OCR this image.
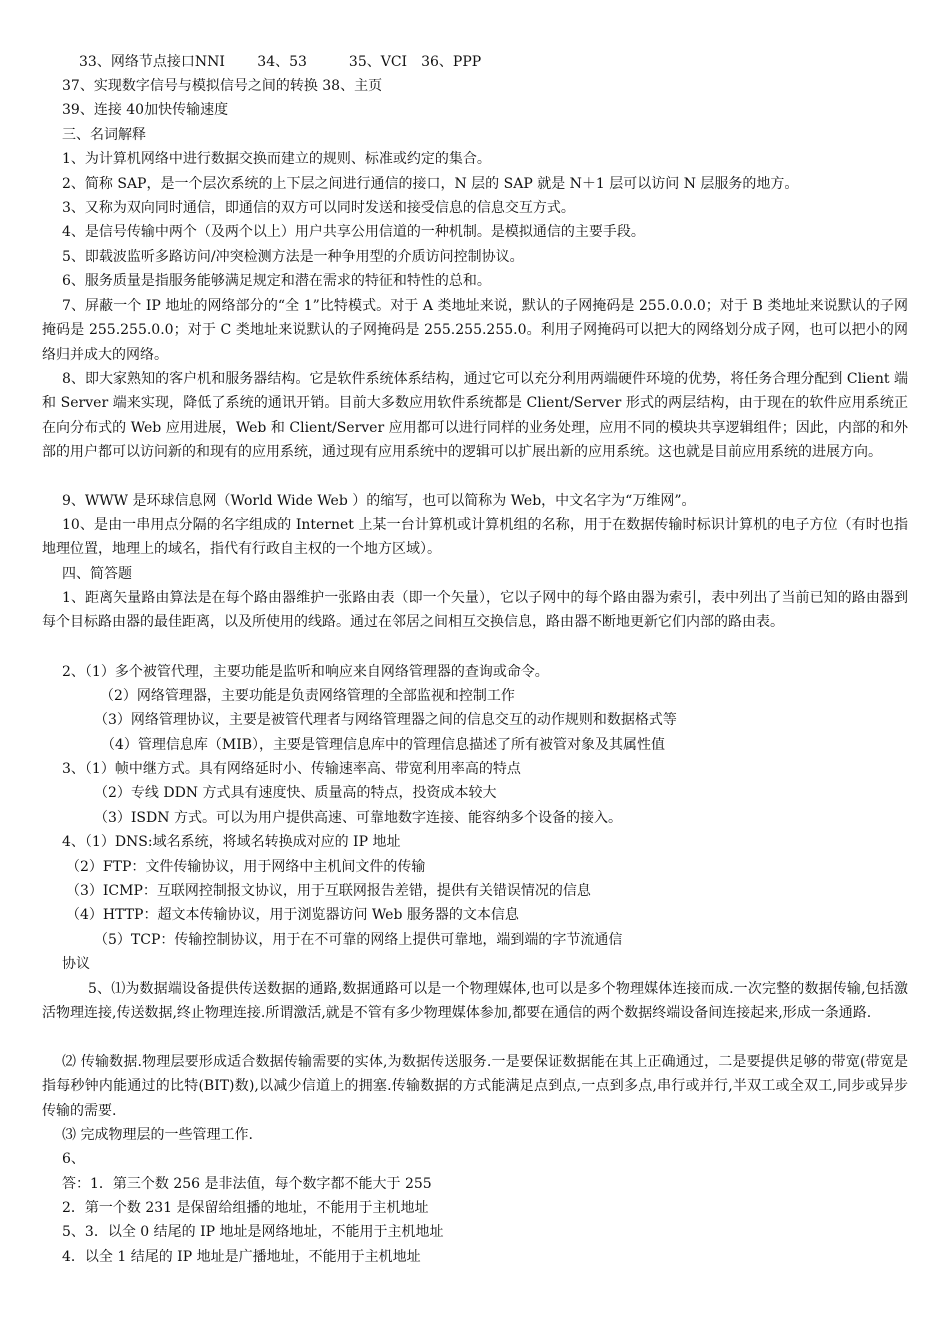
33、网络节点接口NNI　　 34、53　　　35、VCI　36、PPP
37、实现数字信号与模拟信号之间的转换 38、主页
39、连接 40加快传输速度
三、名词解释
1、为计算机网络中进行数据交换而建立的规则、标准或约定的集合。
2、简称 SAP，是一个层次系统的上下层之间进行通信的接口，N 层的 SAP 就是 N＋1 层可以访问 N 层服务的地方。
3、又称为双向同时通信，即通信的双方可以同时发送和接受信息的信息交互方式。
4、是信号传输中两个（及两个以上）用户共享公用信道的一种机制。是模拟通信的主要手段。
5、即载波监听多路访问/冲突检测方法是一种争用型的介质访问控制协议。
6、服务质量是指服务能够满足规定和潜在需求的特征和特性的总和。
7、屏蔽一个 IP 地址的网络部分的“全 1”比特模式。对于 A 类地址来说，默认的子网掩码是 255.0.0.0；对于 B 类地址来说默认的子网掩码是 255.255.0.0；对于 C 类地址来说默认的子网掩码是 255.255.255.0。利用子网掩码可以把大的网络划分成子网，也可以把小的网络归并成大的网络。
8、即大家熟知的客户机和服务器结构。它是软件系统体系结构，通过它可以充分利用两端硬件环境的优势，将任务合理分配到 Client 端和 Server 端来实现，降低了系统的通讯开销。目前大多数应用软件系统都是 Client/Server 形式的两层结构，由于现在的软件应用系统正在向分布式的 Web 应用进展，Web 和 Client/Server 应用都可以进行同样的业务处理，应用不同的模块共享逻辑组件；因此，内部的和外部的用户都可以访问新的和现有的应用系统，通过现有应用系统中的逻辑可以扩展出新的应用系统。这也就是目前应用系统的进展方向。
9、WWW 是环球信息网（World Wide Web ）的缩写，也可以简称为 Web，中文名字为“万维网”。
10、是由一串用点分隔的名字组成的 Internet 上某一台计算机或计算机组的名称，用于在数据传输时标识计算机的电子方位（有时也指地理位置，地理上的域名，指代有行政自主权的一个地方区域）。
四、简答题
1、距离矢量路由算法是在每个路由器维护一张路由表（即一个矢量），它以子网中的每个路由器为索引，表中列出了当前已知的路由器到每个目标路由器的最佳距离，以及所使用的线路。通过在邻居之间相互交换信息，路由器不断地更新它们内部的路由表。
2、（1）多个被管代理，主要功能是监听和响应来自网络管理器的查询或命令。
（2）网络管理器，主要功能是负责网络管理的全部监视和控制工作
（3）网络管理协议，主要是被管代理者与网络管理器之间的信息交互的动作规则和数据格式等
（4）管理信息库（MIB），主要是管理信息库中的管理信息描述了所有被管对象及其属性值
3、（1）帧中继方式。具有网络延时小、传输速率高、带宽利用率高的特点
（2）专线 DDN 方式具有速度快、质量高的特点，投资成本较大
（3）ISDN 方式。可以为用户提供高速、可靠地数字连接、能容纳多个设备的接入。
4、（1）DNS:域名系统，将域名转换成对应的 IP 地址
（2）FTP：文件传输协议，用于网络中主机间文件的传输
（3）ICMP：互联网控制报文协议，用于互联网报告差错，提供有关错误情况的信息
（4）HTTP：超文本传输协议，用于浏览器访问 Web 服务器的文本信息
（5）TCP：传输控制协议，用于在不可靠的网络上提供可靠地，端到端的字节流通信
协议
5、⑴为数据端设备提供传送数据的通路,数据通路可以是一个物理媒体,也可以是多个物理媒体连接而成.一次完整的数据传输,包括激活物理连接,传送数据,终止物理连接.所谓激活,就是不管有多少物理媒体参加,都要在通信的两个数据终端设备间连接起来,形成一条通路.
⑵ 传输数据.物理层要形成适合数据传输需要的实体,为数据传送服务.一是要保证数据能在其上正确通过，二是要提供足够的带宽(带宽是指每秒钟内能通过的比特(BIT)数),以减少信道上的拥塞.传输数据的方式能满足点到点,一点到多点,串行或并行,半双工或全双工,同步或异步传输的需要.
⑶ 完成物理层的一些管理工作.
6、
答：1．第三个数 256 是非法值，每个数字都不能大于 255
2．第一个数 231 是保留给组播的地址，不能用于主机地址
5、3．以全 0 结尾的 IP 地址是网络地址，不能用于主机地址
4．以全 1 结尾的 IP 地址是广播地址，不能用于主机地址
